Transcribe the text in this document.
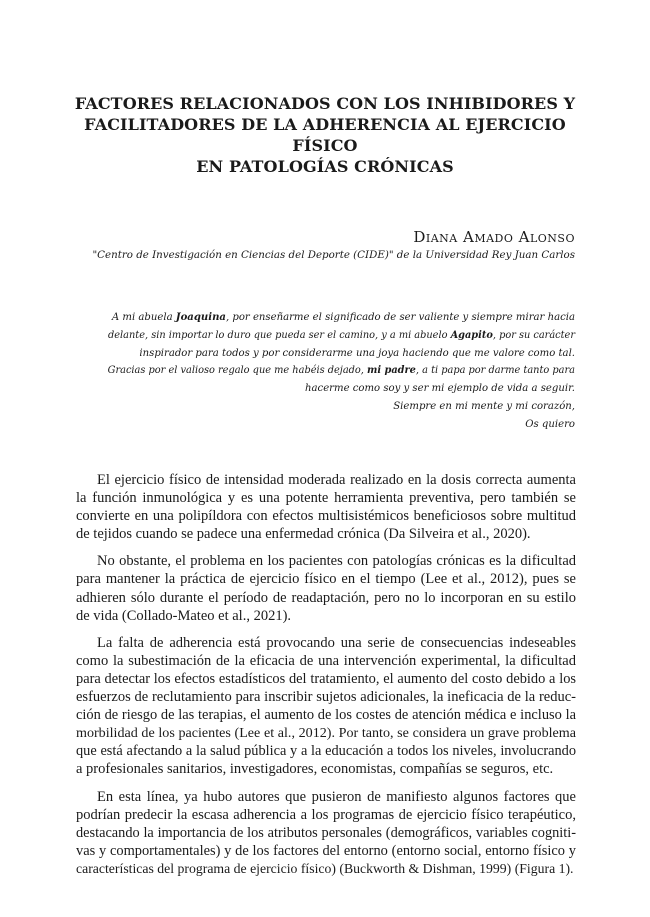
FACTORES RELACIONADOS CON LOS INHIBIDORES Y
FACILITADORES DE LA ADHERENCIA AL EJERCICIO FÍSICO
EN PATOLOGÍAS CRÓNICAS
Diana Amado Alonso
"Centro de Investigación en Ciencias del Deporte (CIDE)" de la Universidad Rey Juan Carlos
A mi abuela Joaquina, por enseñarme el significado de ser valiente y siempre mirar hacia
delante, sin importar lo duro que pueda ser el camino, y a mi abuelo Agapito, por su carácter
inspirador para todos y por considerarme una joya haciendo que me valore como tal.
Gracias por el valioso regalo que me habéis dejado, mi padre, a ti papa por darme tanto para
hacerme como soy y ser mi ejemplo de vida a seguir.
Siempre en mi mente y mi corazón,
Os quiero

El ejercicio físico de intensidad moderada realizado en la dosis correcta aumenta
la función inmunológica y es una potente herramienta preventiva, pero también se
convierte en una polipíldora con efectos multisistémicos beneficiosos sobre multitud
de tejidos cuando se padece una enfermedad crónica (Da Silveira et al., 2020).

No obstante, el problema en los pacientes con patologías crónicas es la dificultad
para mantener la práctica de ejercicio físico en el tiempo (Lee et al., 2012), pues se
adhieren sólo durante el período de readaptación, pero no lo incorporan en su estilo
de vida (Collado-Mateo et al., 2021).

La falta de adherencia está provocando una serie de consecuencias indeseables
como la subestimación de la eficacia de una intervención experimental, la dificultad
para detectar los efectos estadísticos del tratamiento, el aumento del costo debido a los
esfuerzos de reclutamiento para inscribir sujetos adicionales, la ineficacia de la reduc-
ción de riesgo de las terapias, el aumento de los costes de atención médica e incluso la
morbilidad de los pacientes (Lee et al., 2012). Por tanto, se considera un grave problema
que está afectando a la salud pública y a la educación a todos los niveles, involucrando
a profesionales sanitarios, investigadores, economistas, compañías se seguros, etc.

En esta línea, ya hubo autores que pusieron de manifiesto algunos factores que
podrían predecir la escasa adherencia a los programas de ejercicio físico terapéutico,
destacando la importancia de los atributos personales (demográficos, variables cogniti-
vas y comportamentales) y de los factores del entorno (entorno social, entorno físico y
características del programa de ejercicio físico) (Buckworth & Dishman, 1999) (Figura 1).
